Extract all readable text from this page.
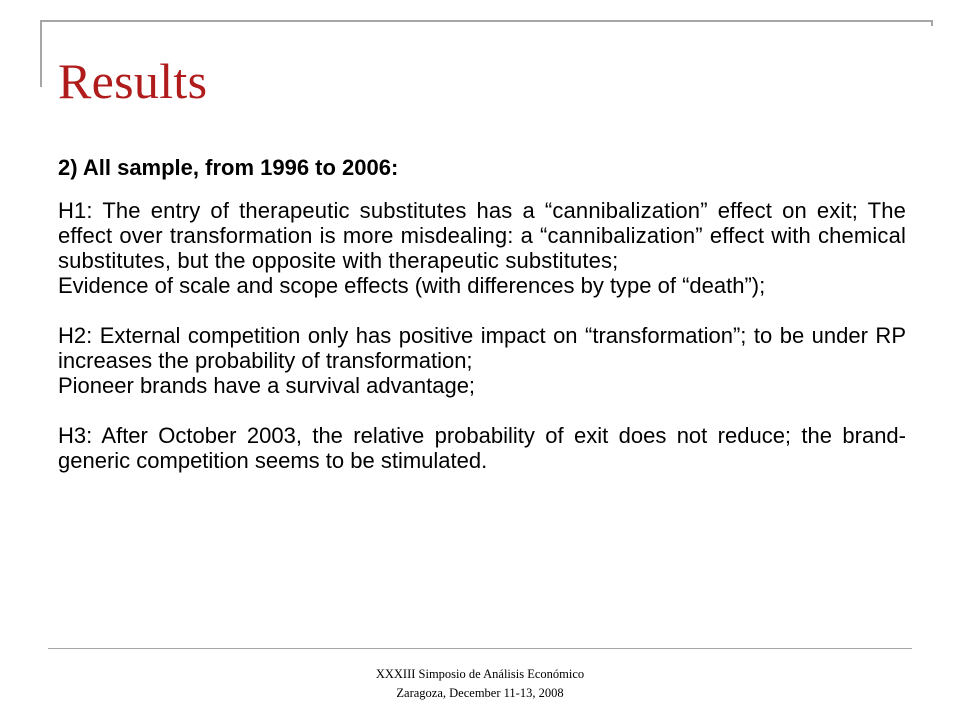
Results

2) All sample, from 1996 to 2006:

H1: The entry of therapeutic substitutes has a “cannibalization” effect on exit; The effect over transformation is more misdealing: a “cannibalization” effect with chemical substitutes, but the opposite with therapeutic substitutes;

Evidence of scale and scope effects (with differences by type of “death”);

H2: External competition only has positive impact on “transformation”; to be under RP increases the probability of transformation;

Pioneer brands have a survival advantage;

H3: After October 2003, the relative probability of exit does not reduce; the brand-generic competition seems to be stimulated.

XXXIII Simposio de Análisis Económico
Zaragoza, December 11-13, 2008
